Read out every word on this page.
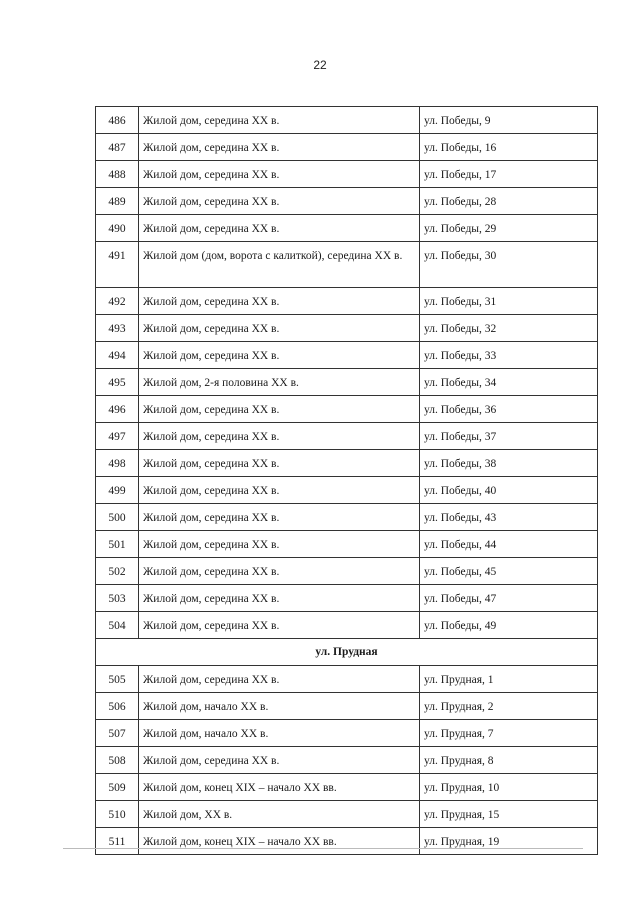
22
486	Жилой дом, середина XX в.	ул. Победы, 9
487	Жилой дом, середина XX в.	ул. Победы, 16
488	Жилой дом, середина XX в.	ул. Победы, 17
489	Жилой дом, середина XX в.	ул. Победы, 28
490	Жилой дом, середина XX в.	ул. Победы, 29
491	Жилой дом (дом, ворота с калиткой), середина XX в.	ул. Победы, 30
492	Жилой дом, середина XX в.	ул. Победы, 31
493	Жилой дом, середина XX в.	ул. Победы, 32
494	Жилой дом, середина XX в.	ул. Победы, 33
495	Жилой дом, 2-я половина XX в.	ул. Победы, 34
496	Жилой дом, середина XX в.	ул. Победы, 36
497	Жилой дом, середина XX в.	ул. Победы, 37
498	Жилой дом, середина XX в.	ул. Победы, 38
499	Жилой дом, середина XX в.	ул. Победы, 40
500	Жилой дом, середина XX в.	ул. Победы, 43
501	Жилой дом, середина XX в.	ул. Победы, 44
502	Жилой дом, середина XX в.	ул. Победы, 45
503	Жилой дом, середина XX в.	ул. Победы, 47
504	Жилой дом, середина XX в.	ул. Победы, 49
ул. Прудная		
505	Жилой дом, середина XX в.	ул. Прудная, 1
506	Жилой дом, начало XX в.	ул. Прудная, 2
507	Жилой дом, начало XX в.	ул. Прудная, 7
508	Жилой дом, середина XX в.	ул. Прудная, 8
509	Жилой дом, конец XIX – начало XX вв.	ул. Прудная, 10
510	Жилой дом, XX в.	ул. Прудная, 15
511	Жилой дом, конец XIX – начало XX вв.	ул. Прудная, 19
